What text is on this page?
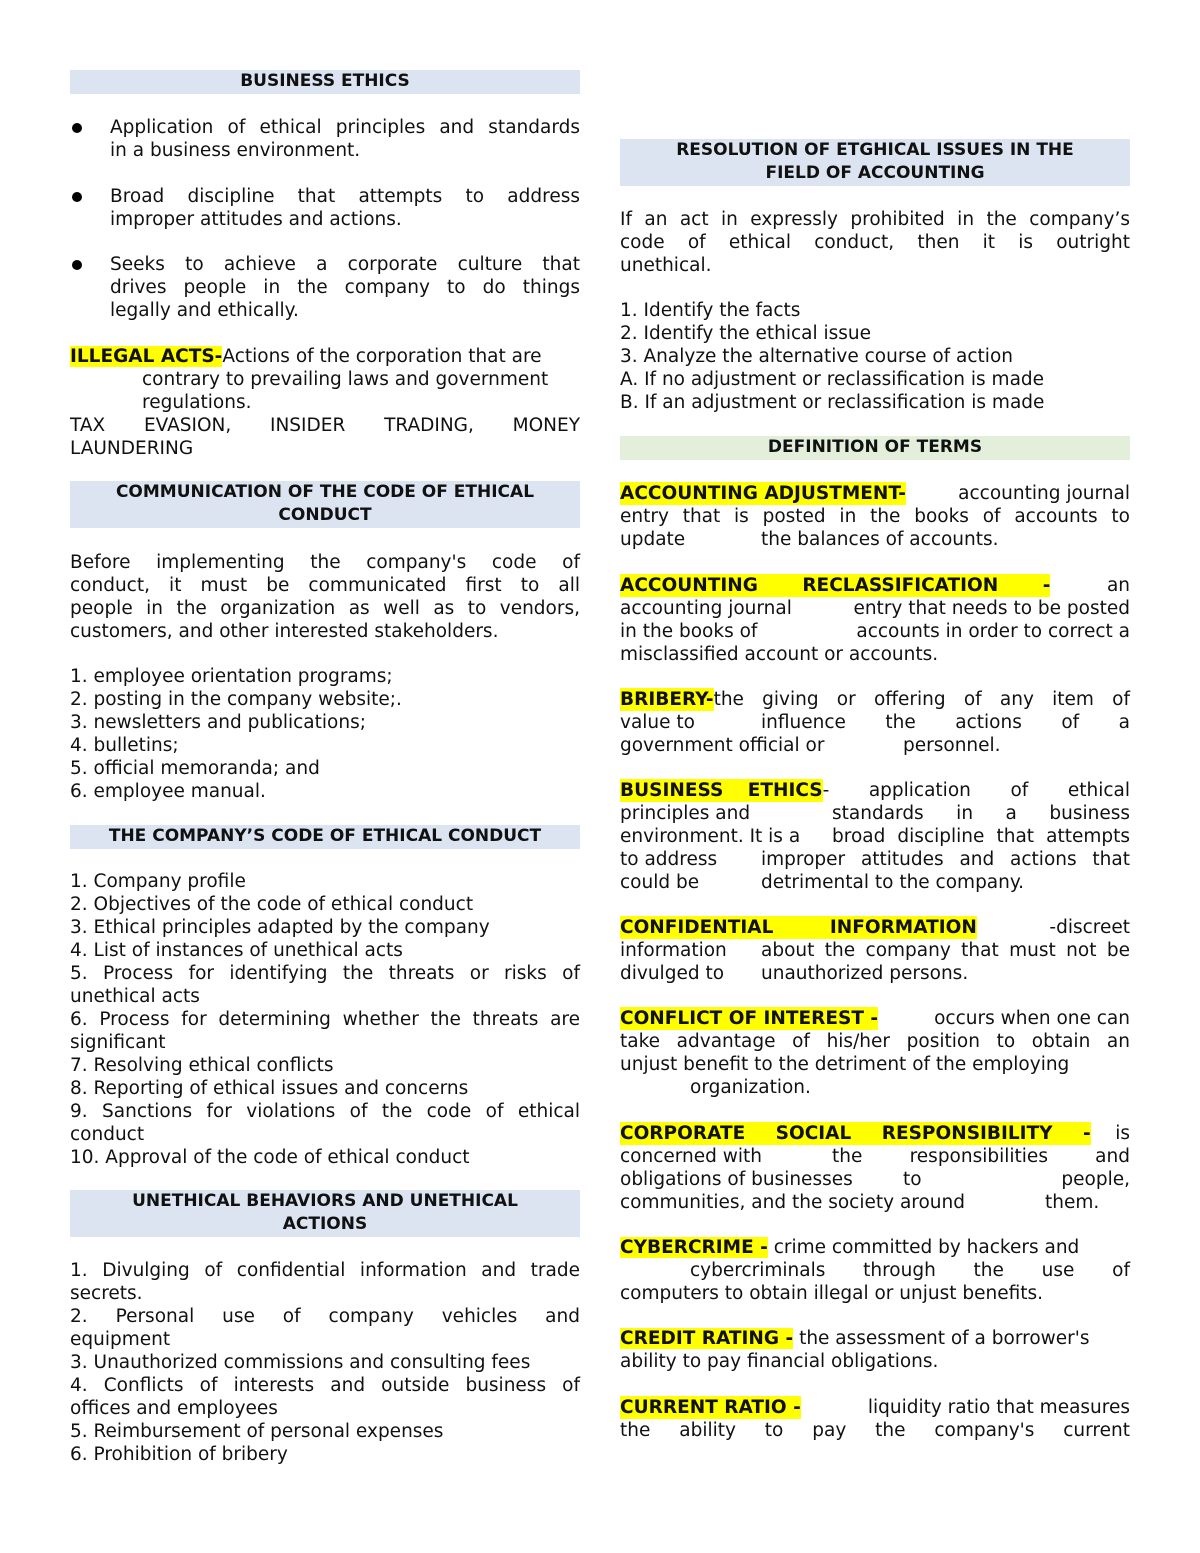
BUSINESS ETHICS
Application of ethical principles and standards
in a business environment.
Broad discipline that attempts to address
improper attitudes and actions.
Seeks to achieve a corporate culture that
drives people in the company to do things
legally and ethically.
ILLEGAL ACTS-Actions of the corporation that are
contrary to prevailing laws and government
regulations.
TAX EVASION, INSIDER TRADING, MONEY
LAUNDERING
COMMUNICATION OF THE CODE OF ETHICAL
CONDUCT
Before implementing the company's code of
conduct, it must be communicated first to all
people in the organization as well as to vendors,
customers, and other interested stakeholders.
1. employee orientation programs;
2. posting in the company website;.
3. newsletters and publications;
4. bulletins;
5. official memoranda; and
6. employee manual.
THE COMPANY’S CODE OF ETHICAL CONDUCT
1. Company profile
2. Objectives of the code of ethical conduct
3. Ethical principles adapted by the company
4. List of instances of unethical acts
5. Process for identifying the threats or risks of
unethical acts
6. Process for determining whether the threats are
significant
7. Resolving ethical conflicts
8. Reporting of ethical issues and concerns
9. Sanctions for violations of the code of ethical
conduct
10. Approval of the code of ethical conduct
UNETHICAL BEHAVIORS AND UNETHICAL
ACTIONS
1. Divulging of confidential information and trade
secrets.
2. Personal use of company vehicles and
equipment
3. Unauthorized commissions and consulting fees
4. Conflicts of interests and outside business of
offices and employees
5. Reimbursement of personal expenses
6. Prohibition of bribery
RESOLUTION OF ETGHICAL ISSUES IN THE
FIELD OF ACCOUNTING
If an act in expressly prohibited in the company’s
code of ethical conduct, then it is outright
unethical.
1. Identify the facts
2. Identify the ethical issue
3. Analyze the alternative course of action
A. If no adjustment or reclassification is made
B. If an adjustment or reclassification is made
DEFINITION OF TERMS
ACCOUNTING ADJUSTMENT-	accounting journal
entry that is posted in the books of accounts to
update	the balances of accounts.
ACCOUNTING RECLASSIFICATION -	an
accounting journal	entry that needs to be posted
in the books of	accounts in order to correct a
misclassified account or accounts.
BRIBERY- the giving or offering of any item of
value to	influence the actions of a
government official or	personnel.
BUSINESS ETHICS - application of ethical
principles and	standards in a business
environment. It is a	broad discipline that attempts
to address	improper attitudes and actions that
could be	detrimental to the company.
CONFIDENTIAL INFORMATION	-discreet
information	about the company that must not be
divulged to unauthorized persons.
CONFLICT OF INTEREST -	occurs when one can
take advantage of his/her position to obtain an
unjust benefit to the detriment of the employing
organization.
CORPORATE SOCIAL RESPONSIBILITY - is
concerned with	the responsibilities and
obligations of businesses	to people,
communities, and the society around	them.
CYBERCRIME - crime committed by hackers and
cybercriminals through the use of
computers to obtain illegal or unjust benefits.
CREDIT RATING - the assessment of a borrower's
ability to pay financial obligations.
CURRENT RATIO -	liquidity ratio that measures
the ability to pay the company's current
